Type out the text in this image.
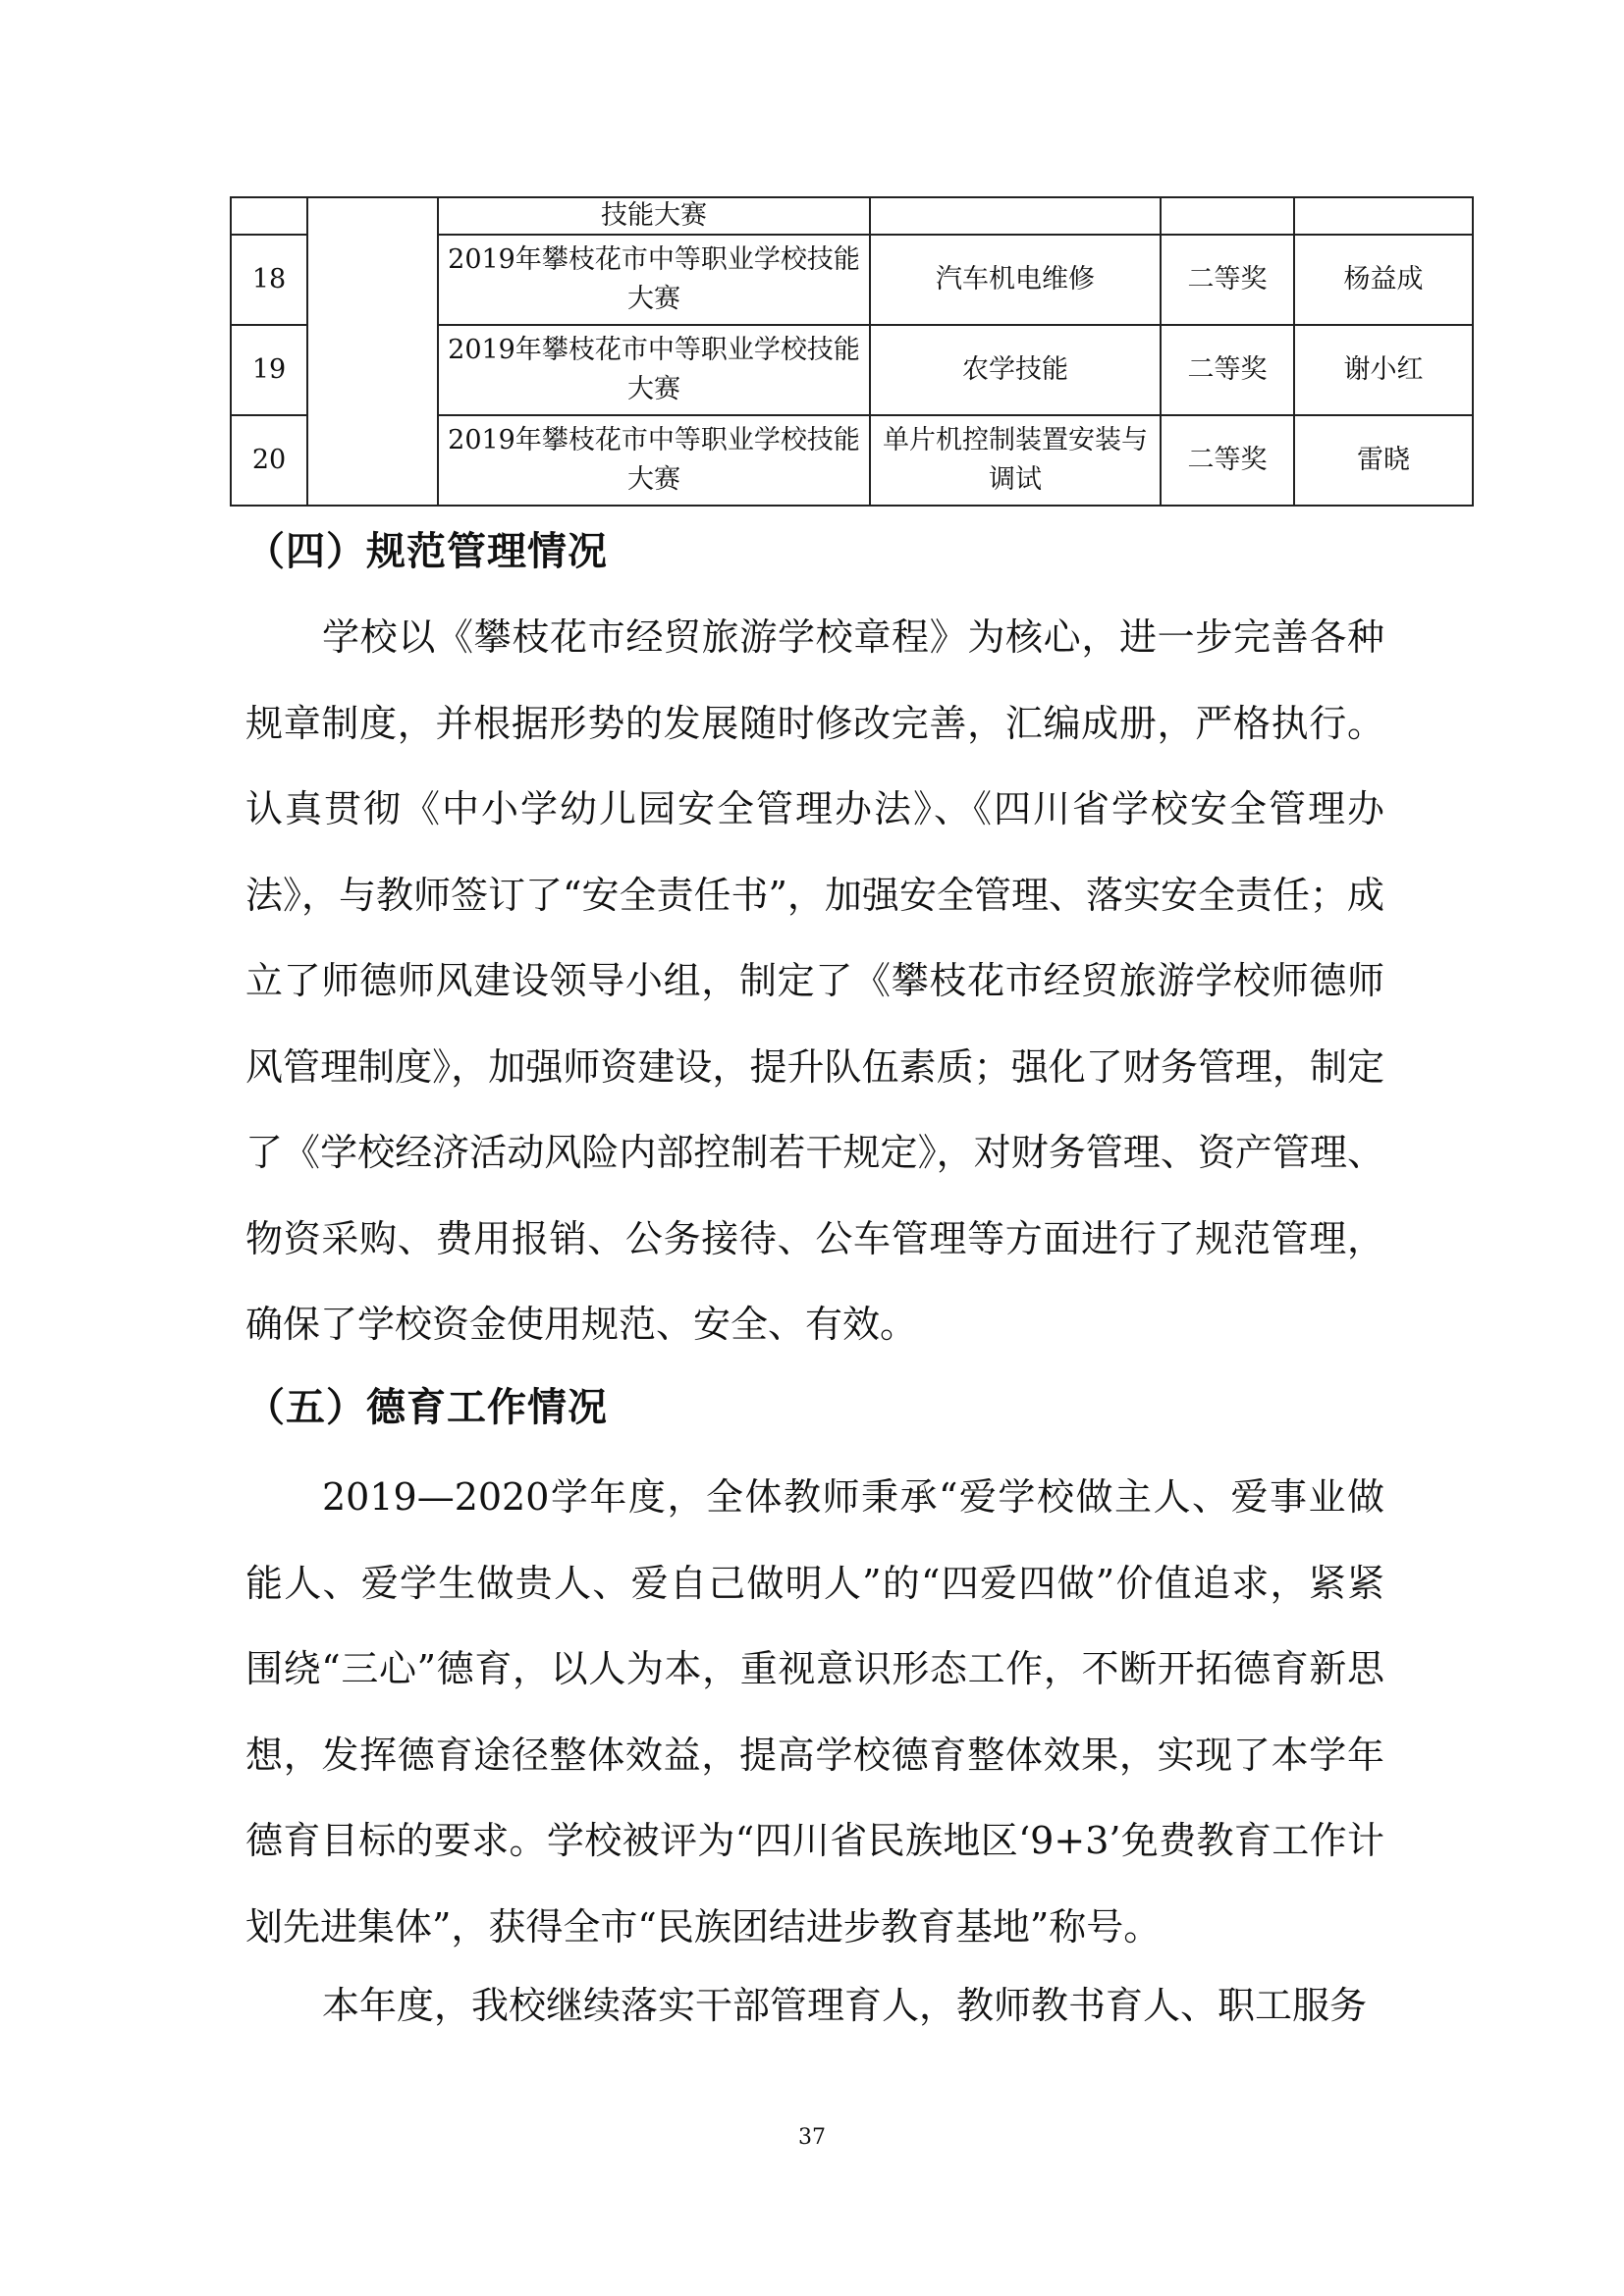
		技能大赛			
18		2019年攀枝花市中等职业学校技能大赛	汽车机电维修	二等奖	杨益成
19		2019年攀枝花市中等职业学校技能大赛	农学技能	二等奖	谢小红
20		2019年攀枝花市中等职业学校技能大赛	单片机控制装置安装与调试	二等奖	雷晓
（四）规范管理情况

学校以《攀枝花市经贸旅游学校章程》为核心，进一步完善各种规章制度，并根据形势的发展随时修改完善，汇编成册，严格执行。认真贯彻《中小学幼儿园安全管理办法》、《四川省学校安全管理办法》，与教师签订了“安全责任书”，加强安全管理、落实安全责任；成立了师德师风建设领导小组，制定了《攀枝花市经贸旅游学校师德师风管理制度》，加强师资建设，提升队伍素质；强化了财务管理，制定了《学校经济活动风险内部控制若干规定》，对财务管理、资产管理、物资采购、费用报销、公务接待、公车管理等方面进行了规范管理，确保了学校资金使用规范、安全、有效。

（五）德育工作情况

2019—2020学年度，全体教师秉承“爱学校做主人、爱事业做能人、爱学生做贵人、爱自己做明人”的“四爱四做”价值追求，紧紧围绕“三心”德育，以人为本，重视意识形态工作，不断开拓德育新思想，发挥德育途径整体效益，提高学校德育整体效果，实现了本学年德育目标的要求。学校被评为“四川省民族地区‘9+3’免费教育工作计划先进集体”，获得全市“民族团结进步教育基地”称号。

本年度，我校继续落实干部管理育人，教师教书育人、职工服务

37
